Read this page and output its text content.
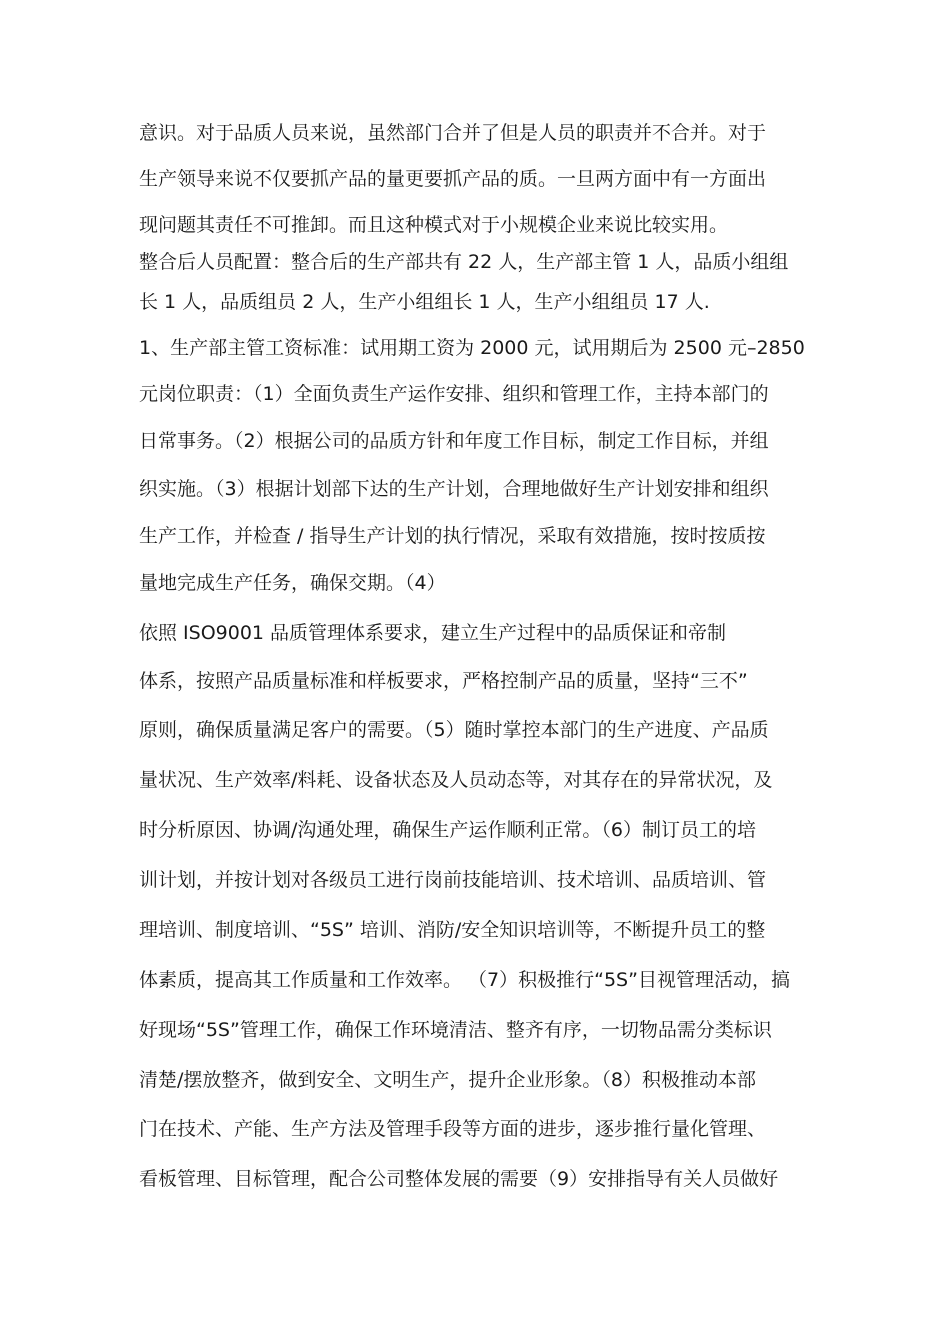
意识。对于品质人员来说，虽然部门合并了但是人员的职责并不合并。对于
生产领导来说不仅要抓产品的量更要抓产品的质。一旦两方面中有一方面出
现问题其责任不可推卸。而且这种模式对于小规模企业来说比较实用。
整合后人员配置：整合后的生产部共有 22 人，生产部主管 1 人，品质小组组
长 1 人，品质组员 2 人，生产小组组长 1 人，生产小组组员 17 人.
1、生产部主管工资标准：试用期工资为 2000 元，试用期后为 2500 元–2850
元岗位职责：（1）全面负责生产运作安排、组织和管理工作，主持本部门的
日常事务。（2）根据公司的品质方针和年度工作目标，制定工作目标，并组
织实施。（3）根据计划部下达的生产计划，合理地做好生产计划安排和组织
生产工作，并检查 / 指导生产计划的执行情况，采取有效措施，按时按质按
量地完成生产任务，确保交期。（4）
依照 ISO9001 品质管理体系要求，建立生产过程中的品质保证和帝制
体系，按照产品质量标准和样板要求，严格控制产品的质量，坚持“三不”
原则，确保质量满足客户的需要。（5）随时掌控本部门的生产进度、产品质
量状况、生产效率/料耗、设备状态及人员动态等，对其存在的异常状况，及
时分析原因、协调/沟通处理，确保生产运作顺利正常。（6）制订员工的培
训计划，并按计划对各级员工进行岗前技能培训、技术培训、品质培训、管
理培训、制度培训、“5S” 培训、消防/安全知识培训等，不断提升员工的整
体素质，提高其工作质量和工作效率。 （7）积极推行“5S”目视管理活动，搞
好现场“5S”管理工作，确保工作环境清洁、整齐有序，一切物品需分类标识
清楚/摆放整齐，做到安全、文明生产，提升企业形象。（8）积极推动本部
门在技术、产能、生产方法及管理手段等方面的进步，逐步推行量化管理、
看板管理、目标管理，配合公司整体发展的需要（9）安排指导有关人员做好
